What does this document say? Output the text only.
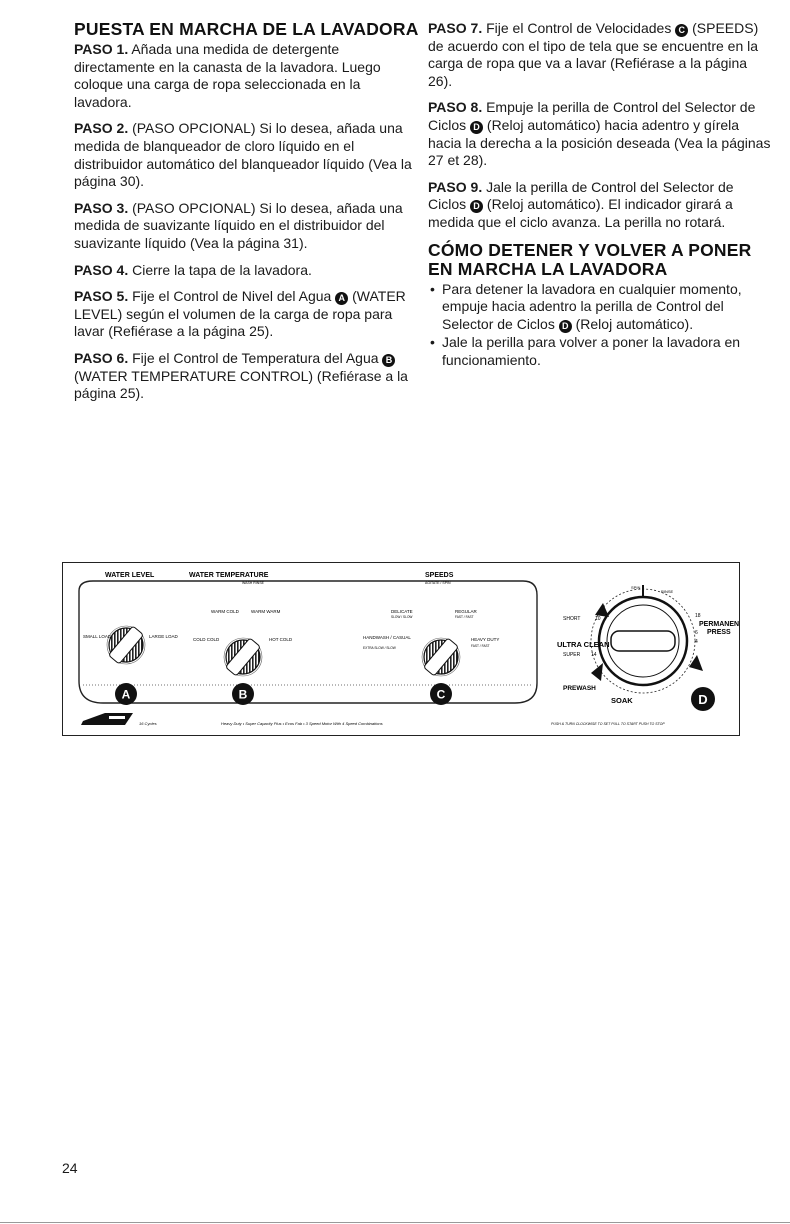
PUESTA EN MARCHA DE LA LAVADORA

PASO 1. Añada una medida de detergente directamente en la canasta de la lavadora. Luego coloque una carga de ropa seleccionada en la lavadora.

PASO 2. (PASO OPCIONAL) Si lo desea, añada una medida de blanqueador de cloro líquido en el distribuidor automático del blanqueador líquido (Vea la página 30).

PASO 3. (PASO OPCIONAL) Si lo desea, añada una medida de suavizante líquido en el distribuidor del suavizante líquido (Vea la página 31).

PASO 4. Cierre la tapa de la lavadora.

PASO 5. Fije el Control de Nivel del Agua A (WATER LEVEL) según el volumen de la carga de ropa para lavar (Refiérase a la página 25).

PASO 6. Fije el Control de Temperatura del Agua B (WATER TEMPERATURE CONTROL) (Refiérase a la página 25).

PASO 7. Fije el Control de Velocidades C (SPEEDS) de acuerdo con el tipo de tela que se encuentre en la carga de ropa que va a lavar (Refiérase a la página 26).

PASO 8. Empuje la perilla de Control del Selector de Ciclos D (Reloj automático) hacia adentro y gírela hacia la derecha a la posición deseada (Vea la páginas 27 et 28).

PASO 9. Jale la perilla de Control del Selector de Ciclos D (Reloj automático). El indicador girará a medida que el ciclo avanza. La perilla no rotará.

CÓMO DETENER Y VOLVER A PONER EN MARCHA LA LAVADORA
• Para detener la lavadora en cualquier momento, empuje hacia adentro la perilla de Control del Selector de Ciclos D (Reloj automático).
• Jale la perilla para volver a poner la lavadora en funcionamiento.
WATER LEVEL	WATER TEMPERATURE
WASH RINSE
SPEEDS
AGITATE / SPIN
SMALL LOAD	LARGE LOAD
A
WARM COLD	WARM WARM
COLD COLD	HOT COLD
B
DELICATE
SLOW / SLOW
REGULAR
FAST / FAST
HANDWASH / CASUAL
EXTRA SLOW / SLOW
HEAVY DUTY
FAST / FAST
C
SHORT	10
ULTRA CLEAN
SUPER 14
PREWASH
SOAK
SPIN
RINSE
18
PERMANENT
6 PRESS
4
D
16 Cycles	Heavy Duty • Super Capacity Plus • Ecos Fab • 3 Speed Motor With 4 Speed Combinations	PUSH & TURN CLOCKWISE TO SET PULL TO START PUSH TO STOP
24
